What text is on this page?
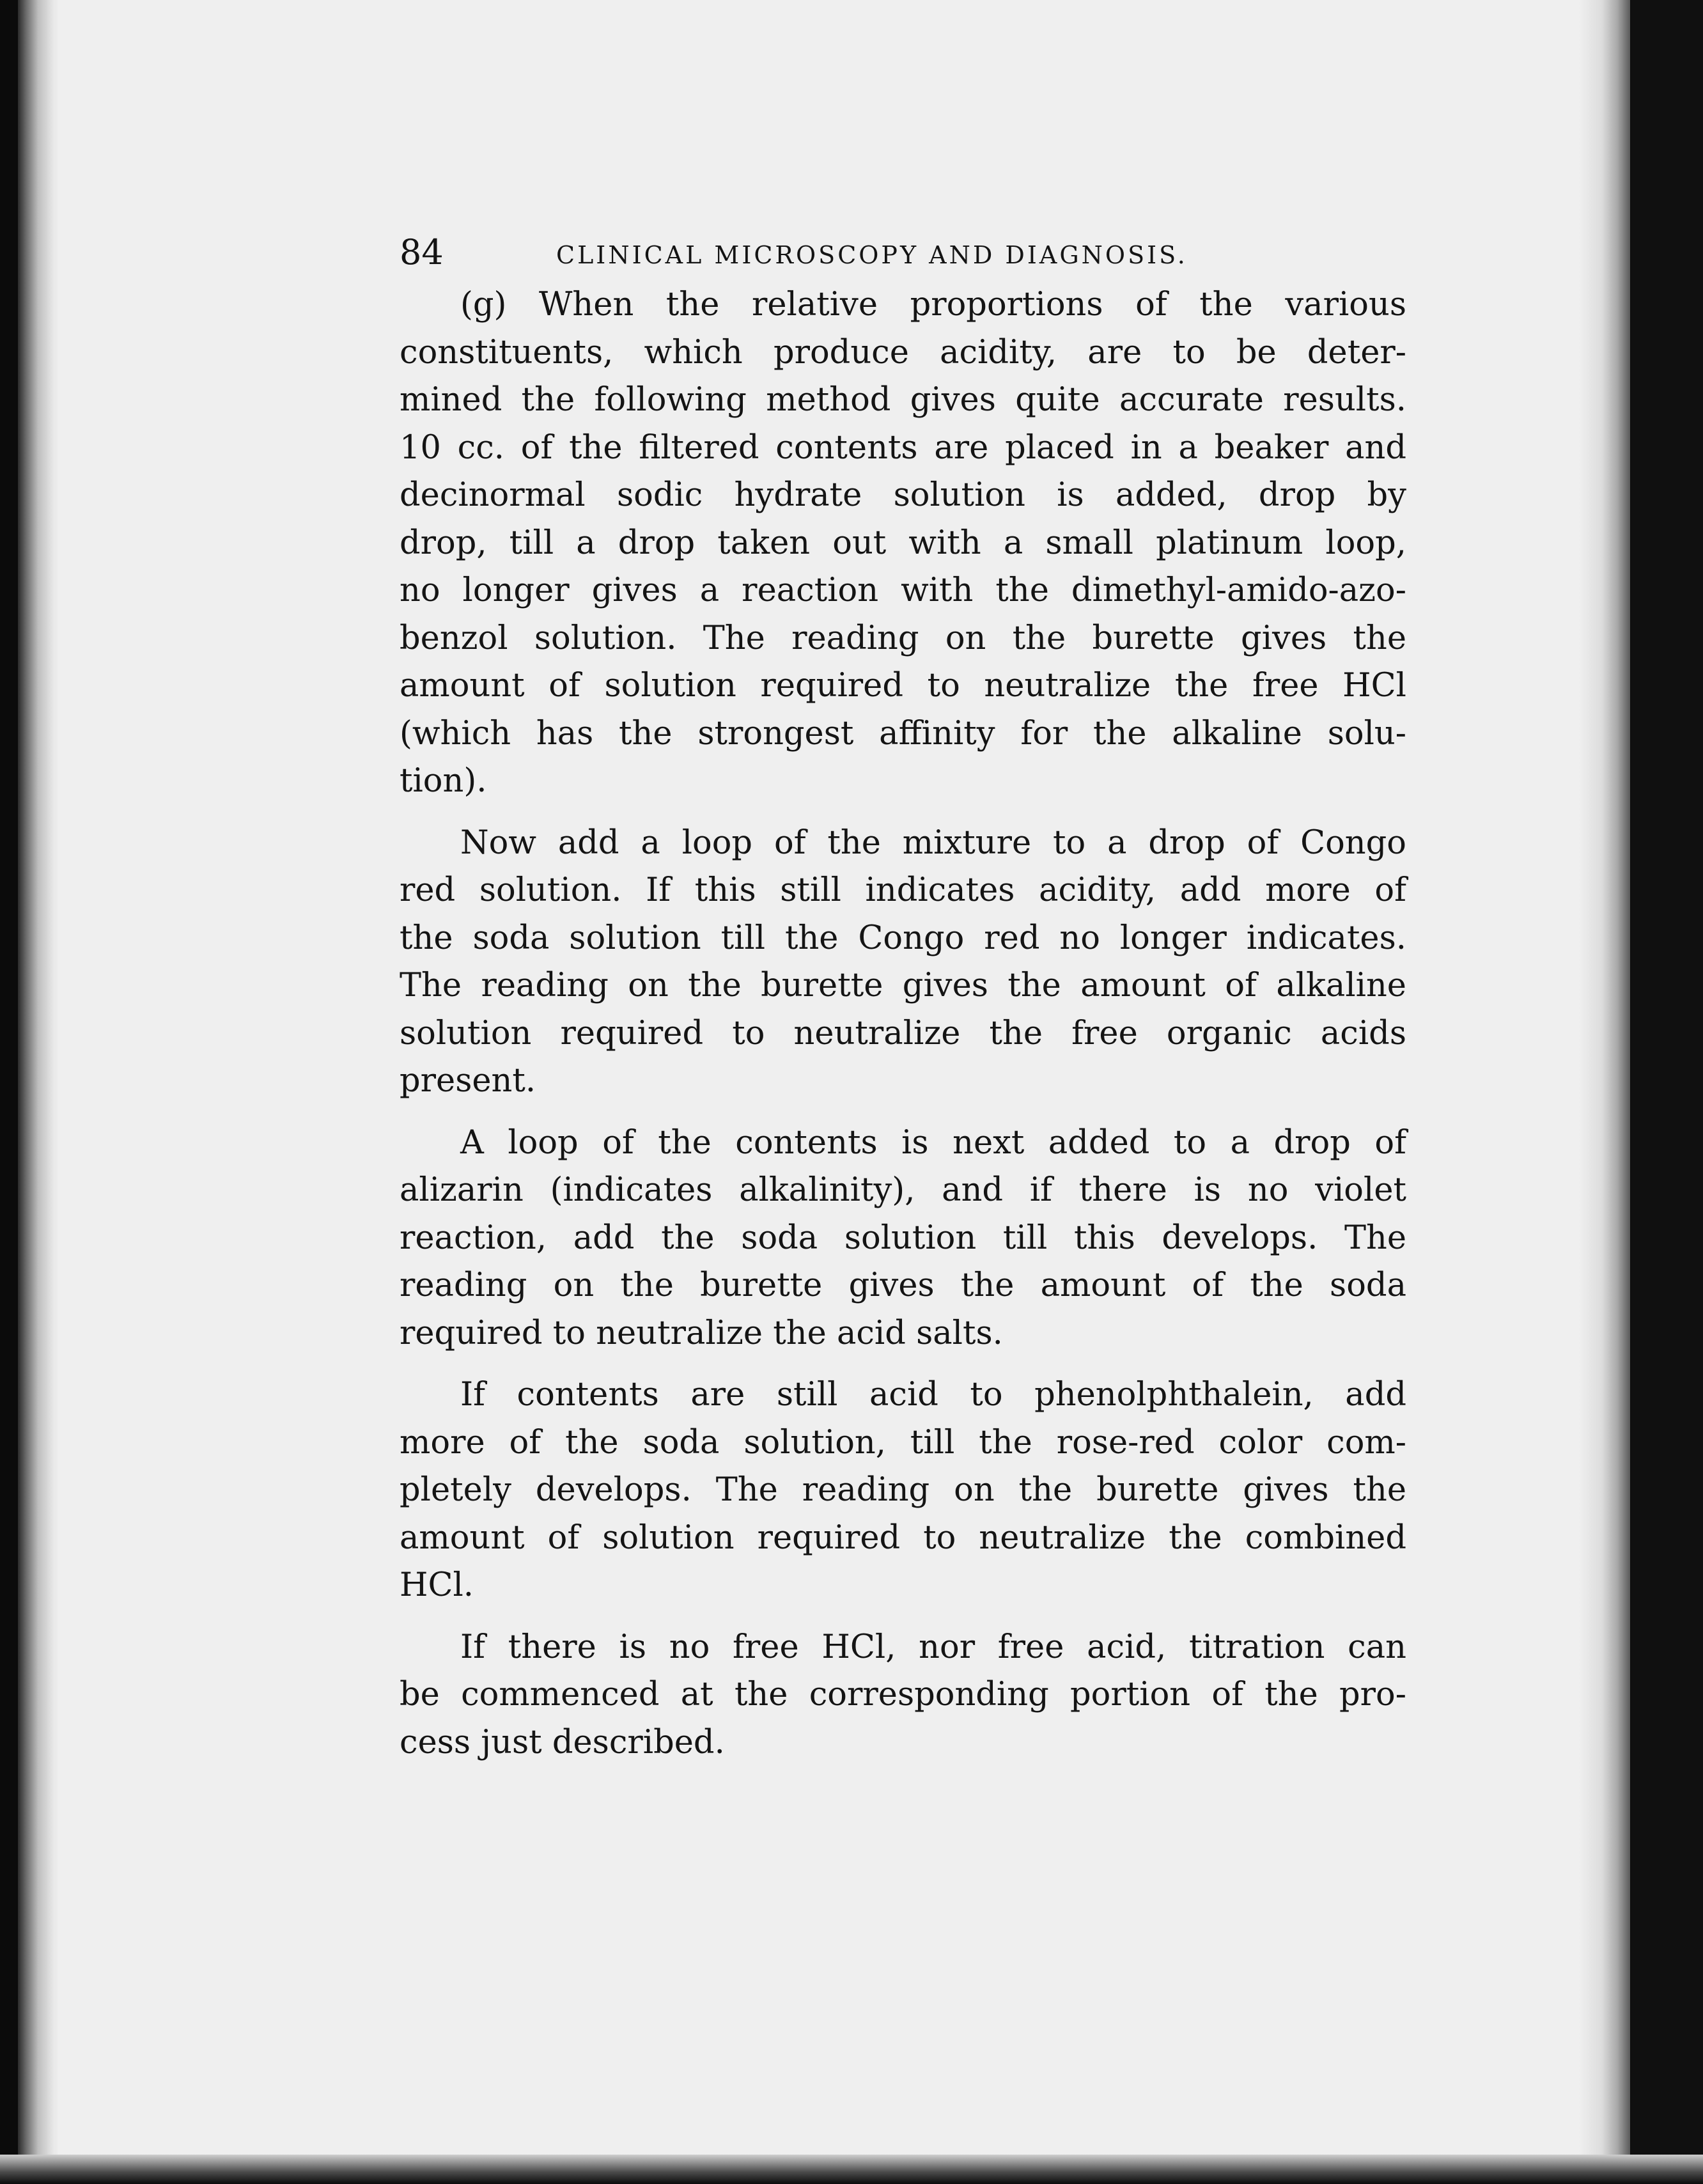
84	CLINICAL MICROSCOPY AND DIAGNOSIS.
(g) When the relative proportions of the various
constituents, which produce acidity, are to be deter-
mined the following method gives quite accurate results.
10 cc. of the filtered contents are placed in a beaker and
decinormal sodic hydrate solution is added, drop by
drop, till a drop taken out with a small platinum loop,
no longer gives a reaction with the dimethyl-amido-azo-
benzol solution. The reading on the burette gives the
amount of solution required to neutralize the free HCl
(which has the strongest affinity for the alkaline solu-
tion).
Now add a loop of the mixture to a drop of Congo
red solution. If this still indicates acidity, add more of
the soda solution till the Congo red no longer indicates.
The reading on the burette gives the amount of alkaline
solution required to neutralize the free organic acids
present.
A loop of the contents is next added to a drop of
alizarin (indicates alkalinity), and if there is no violet
reaction, add the soda solution till this develops. The
reading on the burette gives the amount of the soda
required to neutralize the acid salts.
If contents are still acid to phenolphthalein, add
more of the soda solution, till the rose-red color com-
pletely develops. The reading on the burette gives the
amount of solution required to neutralize the combined
HCl.
If there is no free HCl, nor free acid, titration can
be commenced at the corresponding portion of the pro-
cess just described.
